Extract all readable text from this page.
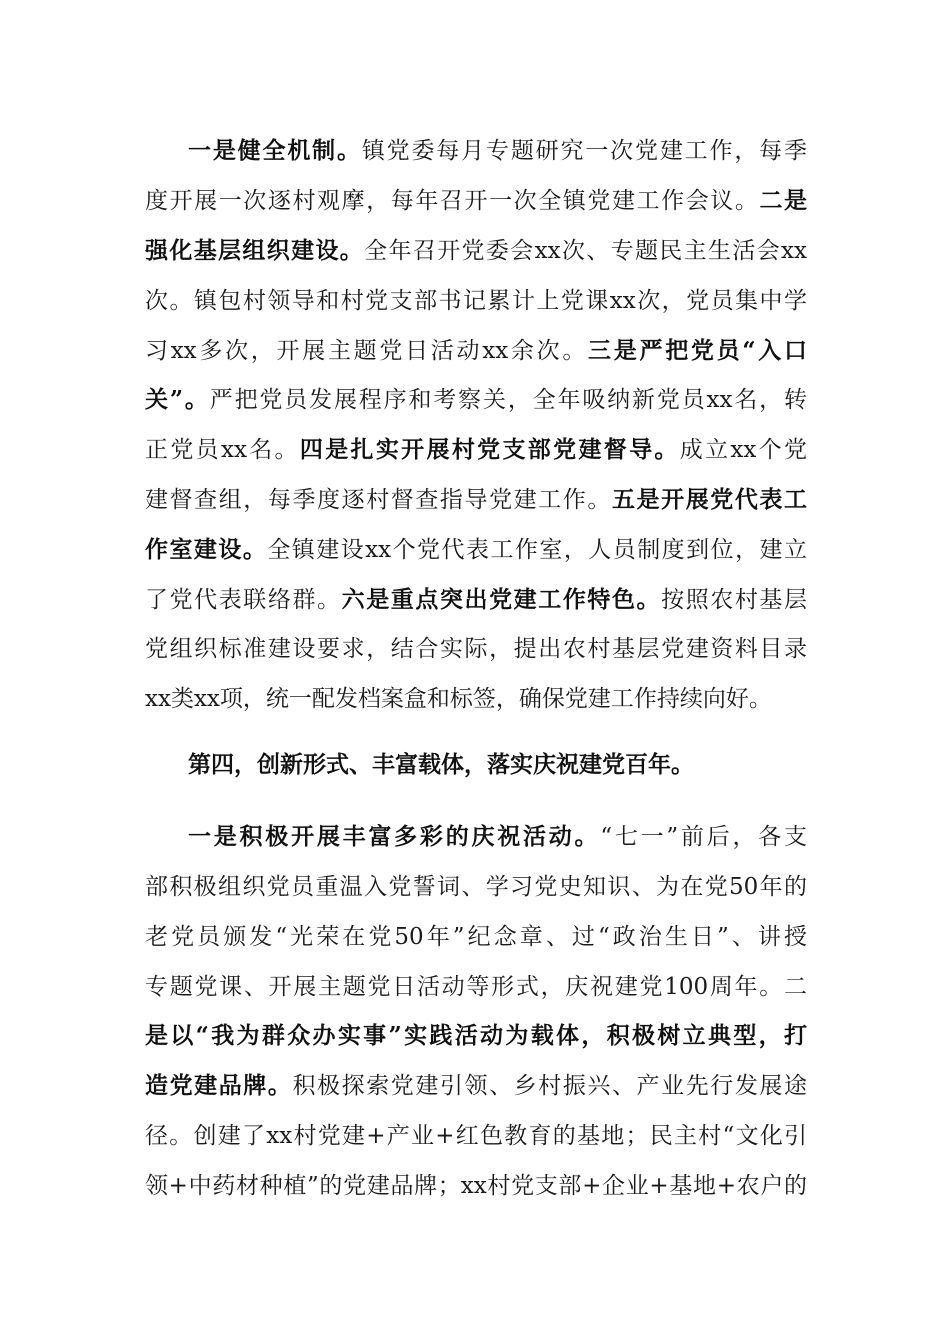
一是健全机制。镇党委每月专题研究一次党建工作，每季
度开展一次逐村观摩，每年召开一次全镇党建工作会议。二是
强化基层组织建设。全年召开党委会xx次、专题民主生活会xx
次。镇包村领导和村党支部书记累计上党课xx次，党员集中学
习xx多次，开展主题党日活动xx余次。三是严把党员“入口
关”。严把党员发展程序和考察关，全年吸纳新党员xx名，转
正党员xx名。四是扎实开展村党支部党建督导。成立xx个党
建督查组，每季度逐村督查指导党建工作。五是开展党代表工
作室建设。全镇建设xx个党代表工作室，人员制度到位，建立
了党代表联络群。六是重点突出党建工作特色。按照农村基层
党组织标准建设要求，结合实际，提出农村基层党建资料目录
xx类xx项，统一配发档案盒和标签，确保党建工作持续向好。
第四，创新形式、丰富载体，落实庆祝建党百年。
一是积极开展丰富多彩的庆祝活动。“七一”前后，各支
部积极组织党员重温入党誓词、学习党史知识、为在党50年的
老党员颁发“光荣在党50年”纪念章、过“政治生日”、讲授
专题党课、开展主题党日活动等形式，庆祝建党100周年。二
是以“我为群众办实事”实践活动为载体，积极树立典型，打
造党建品牌。积极探索党建引领、乡村振兴、产业先行发展途
径。创建了xx村党建+产业+红色教育的基地；民主村“文化引
领+中药材种植”的党建品牌；xx村党支部+企业+基地+农户的
